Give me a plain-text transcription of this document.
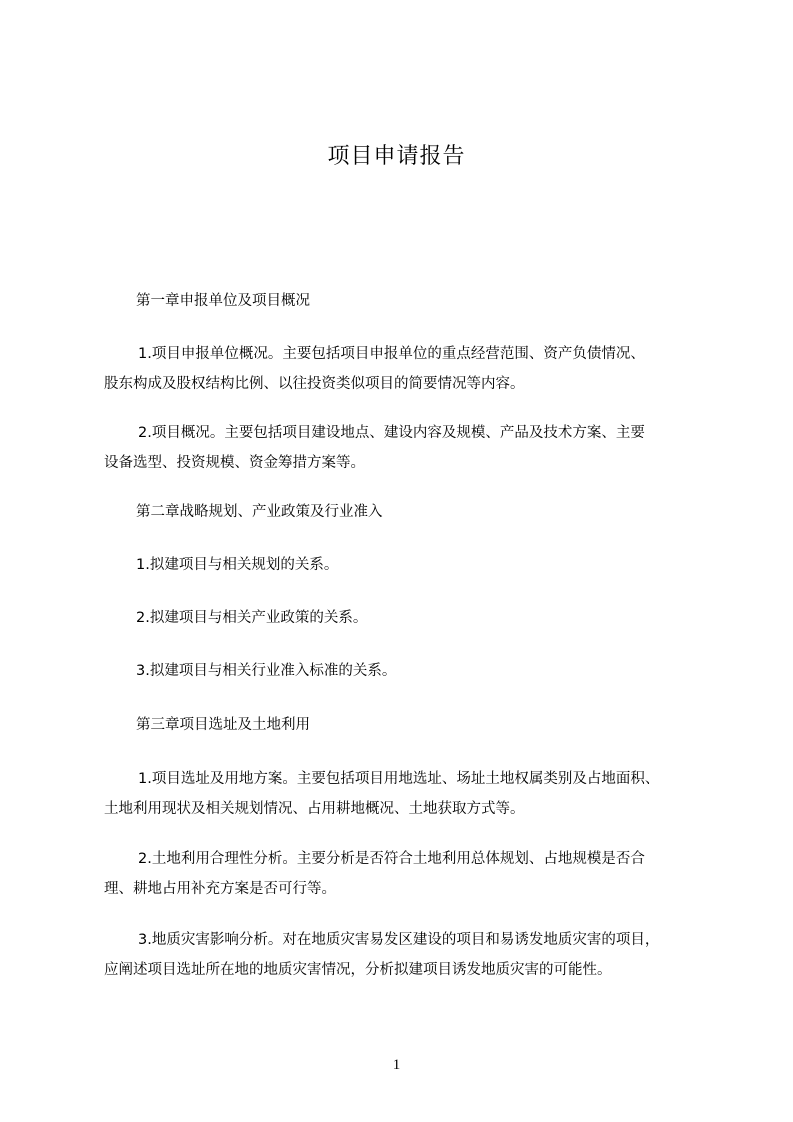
项目申请报告
第一章申报单位及项目概况
1.项目申报单位概况。主要包括项目申报单位的重点经营范围、资产负债情况、
股东构成及股权结构比例、以往投资类似项目的简要情况等内容。
2.项目概况。主要包括项目建设地点、建设内容及规模、产品及技术方案、主要
设备选型、投资规模、资金筹措方案等。
第二章战略规划、产业政策及行业准入
1.拟建项目与相关规划的关系。
2.拟建项目与相关产业政策的关系。
3.拟建项目与相关行业准入标准的关系。
第三章项目选址及土地利用
1.项目选址及用地方案。主要包括项目用地选址、场址土地权属类别及占地面积、
土地利用现状及相关规划情况、占用耕地概况、土地获取方式等。
2.土地利用合理性分析。主要分析是否符合土地利用总体规划、占地规模是否合
理、耕地占用补充方案是否可行等。
3.地质灾害影响分析。对在地质灾害易发区建设的项目和易诱发地质灾害的项目，
应阐述项目选址所在地的地质灾害情况，分析拟建项目诱发地质灾害的可能性。
1
